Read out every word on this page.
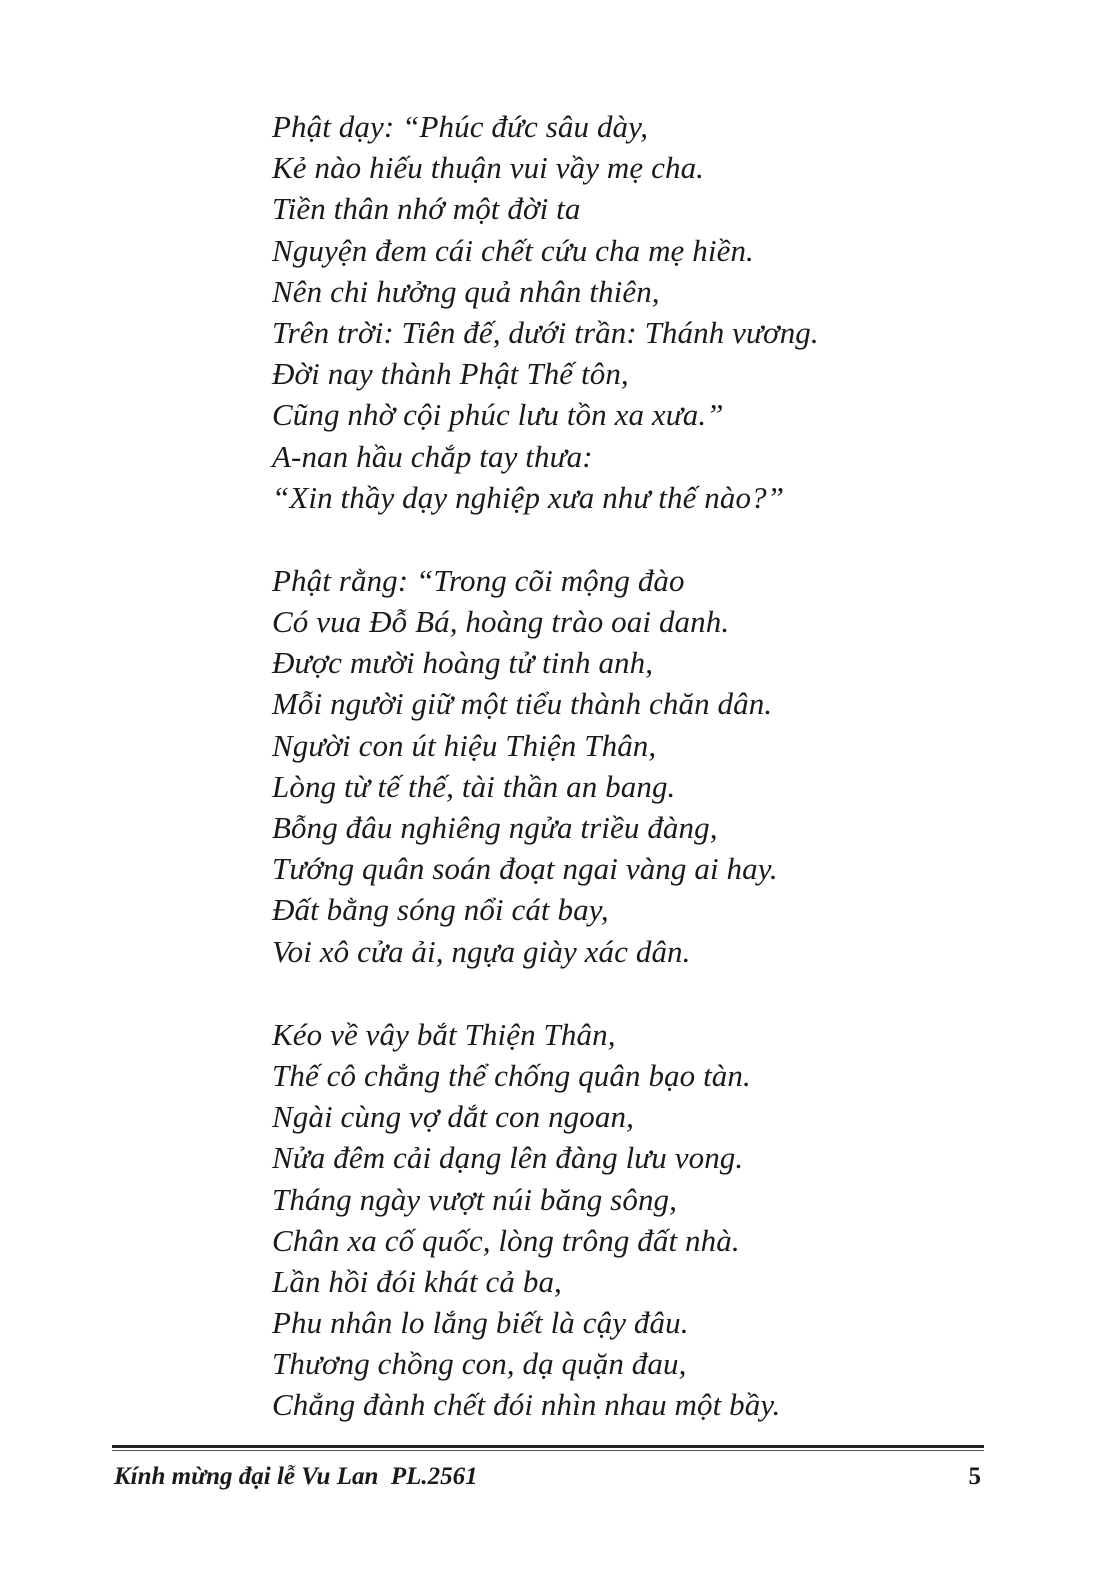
Phật dạy: “Phúc đức sâu dày,
Kẻ nào hiếu thuận vui vầy mẹ cha.
Tiền thân nhớ một đời ta
Nguyện đem cái chết cứu cha mẹ hiền.
Nên chi hưởng quả nhân thiên,
Trên trời: Tiên đế, dưới trần: Thánh vương.
Đời nay thành Phật Thế tôn,
Cũng nhờ cội phúc lưu tồn xa xưa.”
A-nan hầu chắp tay thưa:
“Xin thầy dạy nghiệp xưa như thế nào?”
Phật rằng: “Trong cõi mộng đào
Có vua Đỗ Bá, hoàng trào oai danh.
Được mười hoàng tử tinh anh,
Mỗi người giữ một tiểu thành chăn dân.
Người con út hiệu Thiện Thân,
Lòng từ tế thế, tài thần an bang.
Bỗng đâu nghiêng ngửa triều đàng,
Tướng quân soán đoạt ngai vàng ai hay.
Đất bằng sóng nổi cát bay,
Voi xô cửa ải, ngựa giày xác dân.
Kéo về vây bắt Thiện Thân,
Thế cô chẳng thể chống quân bạo tàn.
Ngài cùng vợ dắt con ngoan,
Nửa đêm cải dạng lên đàng lưu vong.
Tháng ngày vượt núi băng sông,
Chân xa cố quốc, lòng trông đất nhà.
Lần hồi đói khát cả ba,
Phu nhân lo lắng biết là cậy đâu.
Thương chồng con, dạ quặn đau,
Chẳng đành chết đói nhìn nhau một bầy.
Kính mừng đại lễ Vu Lan  PL.2561	5
